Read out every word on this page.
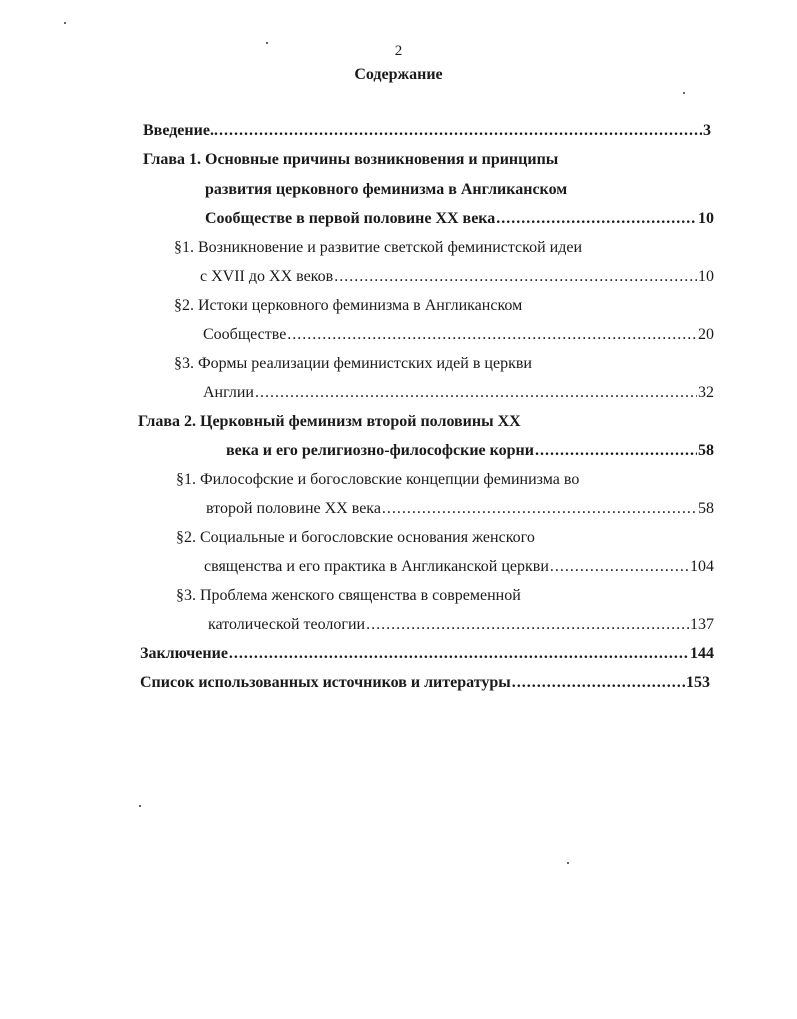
2
Содержание
Введение.. .....	3
Глава 1. Основные причины возникновения и принципы
развития церковного феминизма в Англиканском
Сообществе в первой половине XX века .....	10
§1. Возникновение и развитие светской феминистской идеи
с XVII до XX веков .....	10
§2. Истоки церковного феминизма в Англиканском
Сообществе .....	20
§3. Формы реализации феминистских идей в церкви
Англии .....	32
Глава 2. Церковный феминизм второй половины XX
века и его религиозно-философские корни .....	58
§1. Философские и богословские концепции феминизма во
второй половине XX века .....	58
§2. Социальные и богословские основания женского
священства и его практика в Англиканской церкви .....	104
§3. Проблема женского священства в современной
католической теологии .....	137
Заключение .....	144
Список использованных источников и литературы .....	153
